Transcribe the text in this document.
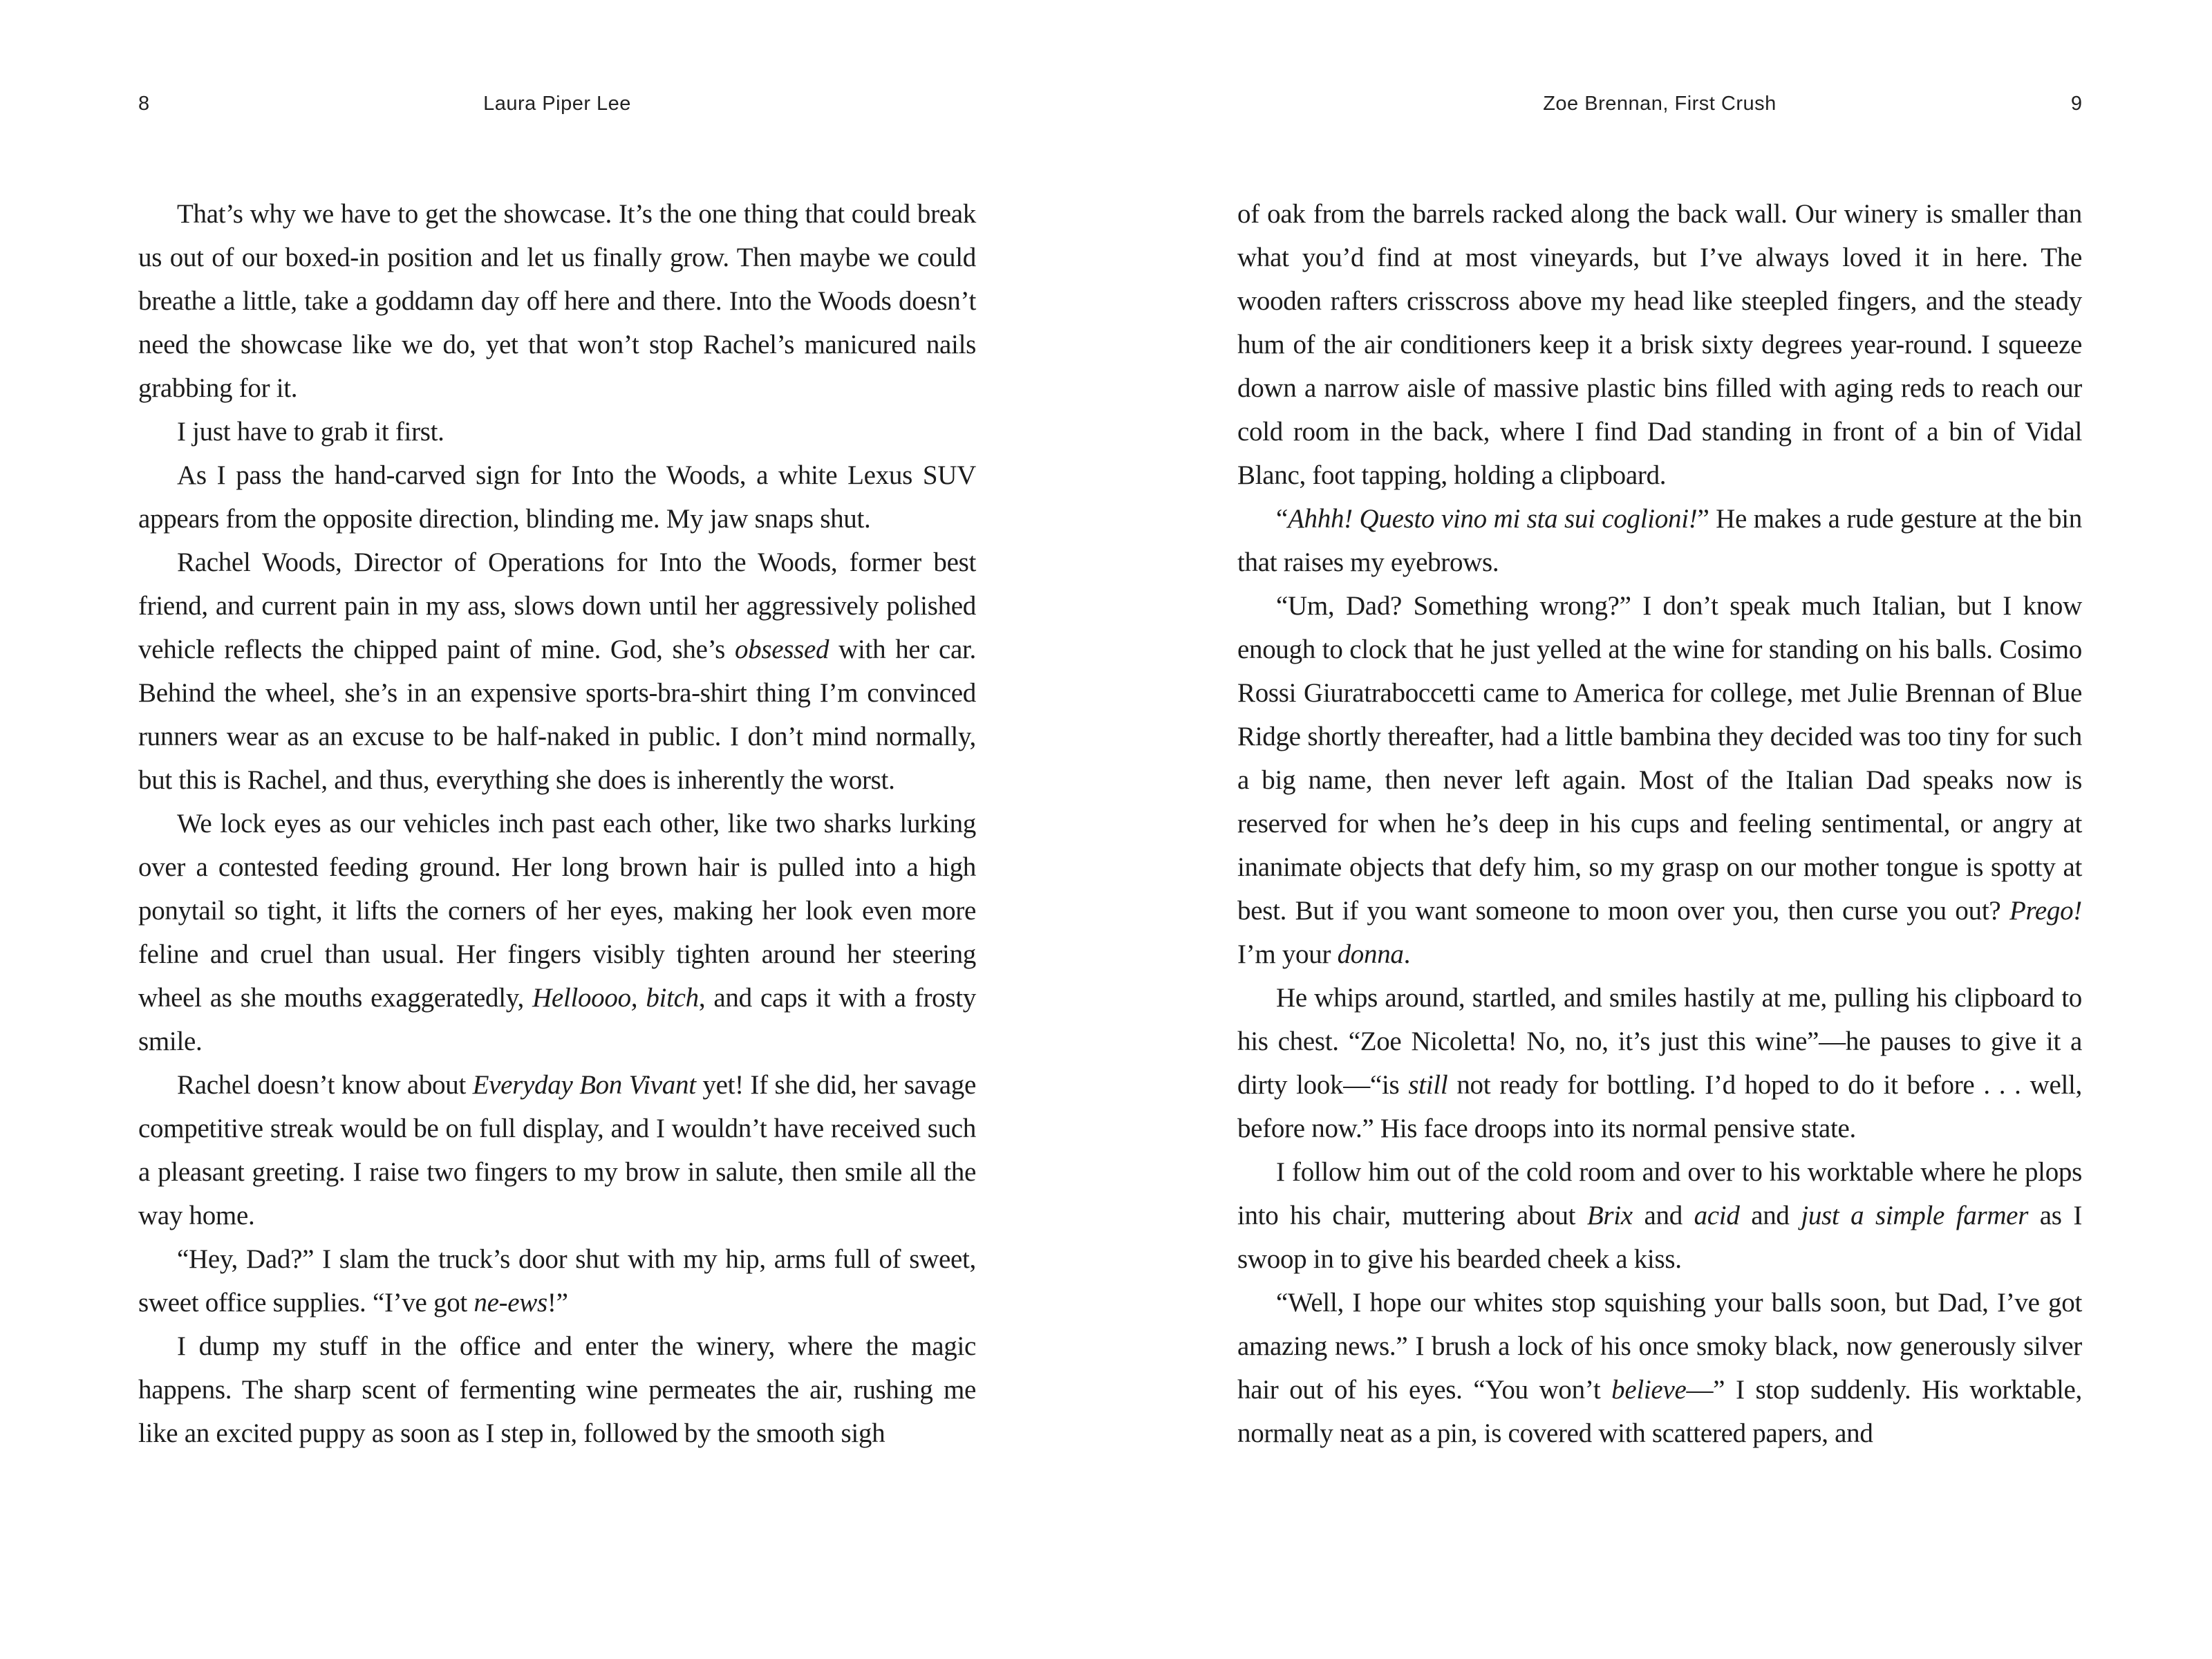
8	Laura Piper Lee	Zoe Brennan, First Crush	9

That’s why we have to get the showcase. It’s the one thing that could break us out of our boxed-in position and let us finally grow. Then maybe we could breathe a little, take a goddamn day off here and there. Into the Woods doesn’t need the showcase like we do, yet that won’t stop Rachel’s manicured nails grabbing for it.

I just have to grab it first.

As I pass the hand-carved sign for Into the Woods, a white Lexus SUV appears from the opposite direction, blinding me. My jaw snaps shut.

Rachel Woods, Director of Operations for Into the Woods, former best friend, and current pain in my ass, slows down until her aggressively polished vehicle reflects the chipped paint of mine. God, she’s obsessed with her car. Behind the wheel, she’s in an expensive sports-bra-shirt thing I’m convinced runners wear as an excuse to be half-naked in public. I don’t mind normally, but this is Rachel, and thus, everything she does is inherently the worst.

We lock eyes as our vehicles inch past each other, like two sharks lurking over a contested feeding ground. Her long brown hair is pulled into a high ponytail so tight, it lifts the corners of her eyes, making her look even more feline and cruel than usual. Her fingers visibly tighten around her steering wheel as she mouths exaggeratedly, Helloooo, bitch, and caps it with a frosty smile.

Rachel doesn’t know about Everyday Bon Vivant yet! If she did, her savage competitive streak would be on full display, and I wouldn’t have received such a pleasant greeting. I raise two fingers to my brow in salute, then smile all the way home.

“Hey, Dad?” I slam the truck’s door shut with my hip, arms full of sweet, sweet office supplies. “I’ve got ne-ews!”

I dump my stuff in the office and enter the winery, where the magic happens. The sharp scent of fermenting wine permeates the air, rushing me like an excited puppy as soon as I step in, followed by the smooth sigh

of oak from the barrels racked along the back wall. Our winery is smaller than what you’d find at most vineyards, but I’ve always loved it in here. The wooden rafters crisscross above my head like steepled fingers, and the steady hum of the air conditioners keep it a brisk sixty degrees year-round. I squeeze down a narrow aisle of massive plastic bins filled with aging reds to reach our cold room in the back, where I find Dad standing in front of a bin of Vidal Blanc, foot tapping, holding a clipboard.

“Ahhh! Questo vino mi sta sui coglioni!” He makes a rude gesture at the bin that raises my eyebrows.

“Um, Dad? Something wrong?” I don’t speak much Italian, but I know enough to clock that he just yelled at the wine for standing on his balls. Cosimo Rossi Giuratraboccetti came to America for college, met Julie Brennan of Blue Ridge shortly thereafter, had a little bambina they decided was too tiny for such a big name, then never left again. Most of the Italian Dad speaks now is reserved for when he’s deep in his cups and feeling sentimental, or angry at inanimate objects that defy him, so my grasp on our mother tongue is spotty at best. But if you want someone to moon over you, then curse you out? Prego! I’m your donna.

He whips around, startled, and smiles hastily at me, pulling his clipboard to his chest. “Zoe Nicoletta! No, no, it’s just this wine”—he pauses to give it a dirty look—“is still not ready for bottling. I’d hoped to do it before . . . well, before now.” His face droops into its normal pensive state.

I follow him out of the cold room and over to his worktable where he plops into his chair, muttering about Brix and acid and just a simple farmer as I swoop in to give his bearded cheek a kiss.

“Well, I hope our whites stop squishing your balls soon, but Dad, I’ve got amazing news.” I brush a lock of his once smoky black, now generously silver hair out of his eyes. “You won’t believe—” I stop suddenly. His worktable, normally neat as a pin, is covered with scattered papers, and
